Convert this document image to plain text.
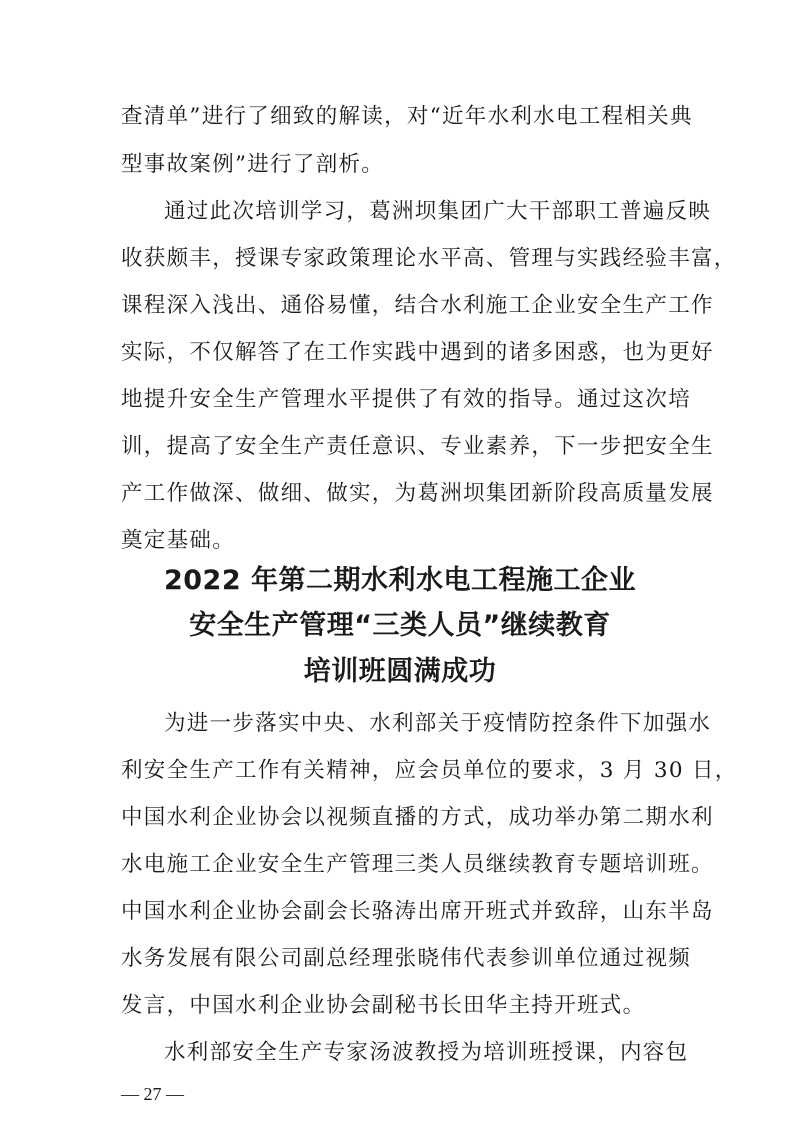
查清单”进行了细致的解读，对“近年水利水电工程相关典
型事故案例”进行了剖析。
通过此次培训学习，葛洲坝集团广大干部职工普遍反映
收获颇丰，授课专家政策理论水平高、管理与实践经验丰富，
课程深入浅出、通俗易懂，结合水利施工企业安全生产工作
实际，不仅解答了在工作实践中遇到的诸多困惑，也为更好
地提升安全生产管理水平提供了有效的指导。通过这次培
训，提高了安全生产责任意识、专业素养，下一步把安全生
产工作做深、做细、做实，为葛洲坝集团新阶段高质量发展
奠定基础。
2022 年第二期水利水电工程施工企业
安全生产管理“三类人员”继续教育
培训班圆满成功
为进一步落实中央、水利部关于疫情防控条件下加强水
利安全生产工作有关精神，应会员单位的要求，3 月 30 日，
中国水利企业协会以视频直播的方式，成功举办第二期水利
水电施工企业安全生产管理三类人员继续教育专题培训班。
中国水利企业协会副会长骆涛出席开班式并致辞，山东半岛
水务发展有限公司副总经理张晓伟代表参训单位通过视频
发言，中国水利企业协会副秘书长田华主持开班式。
水利部安全生产专家汤波教授为培训班授课，内容包
— 27 —
